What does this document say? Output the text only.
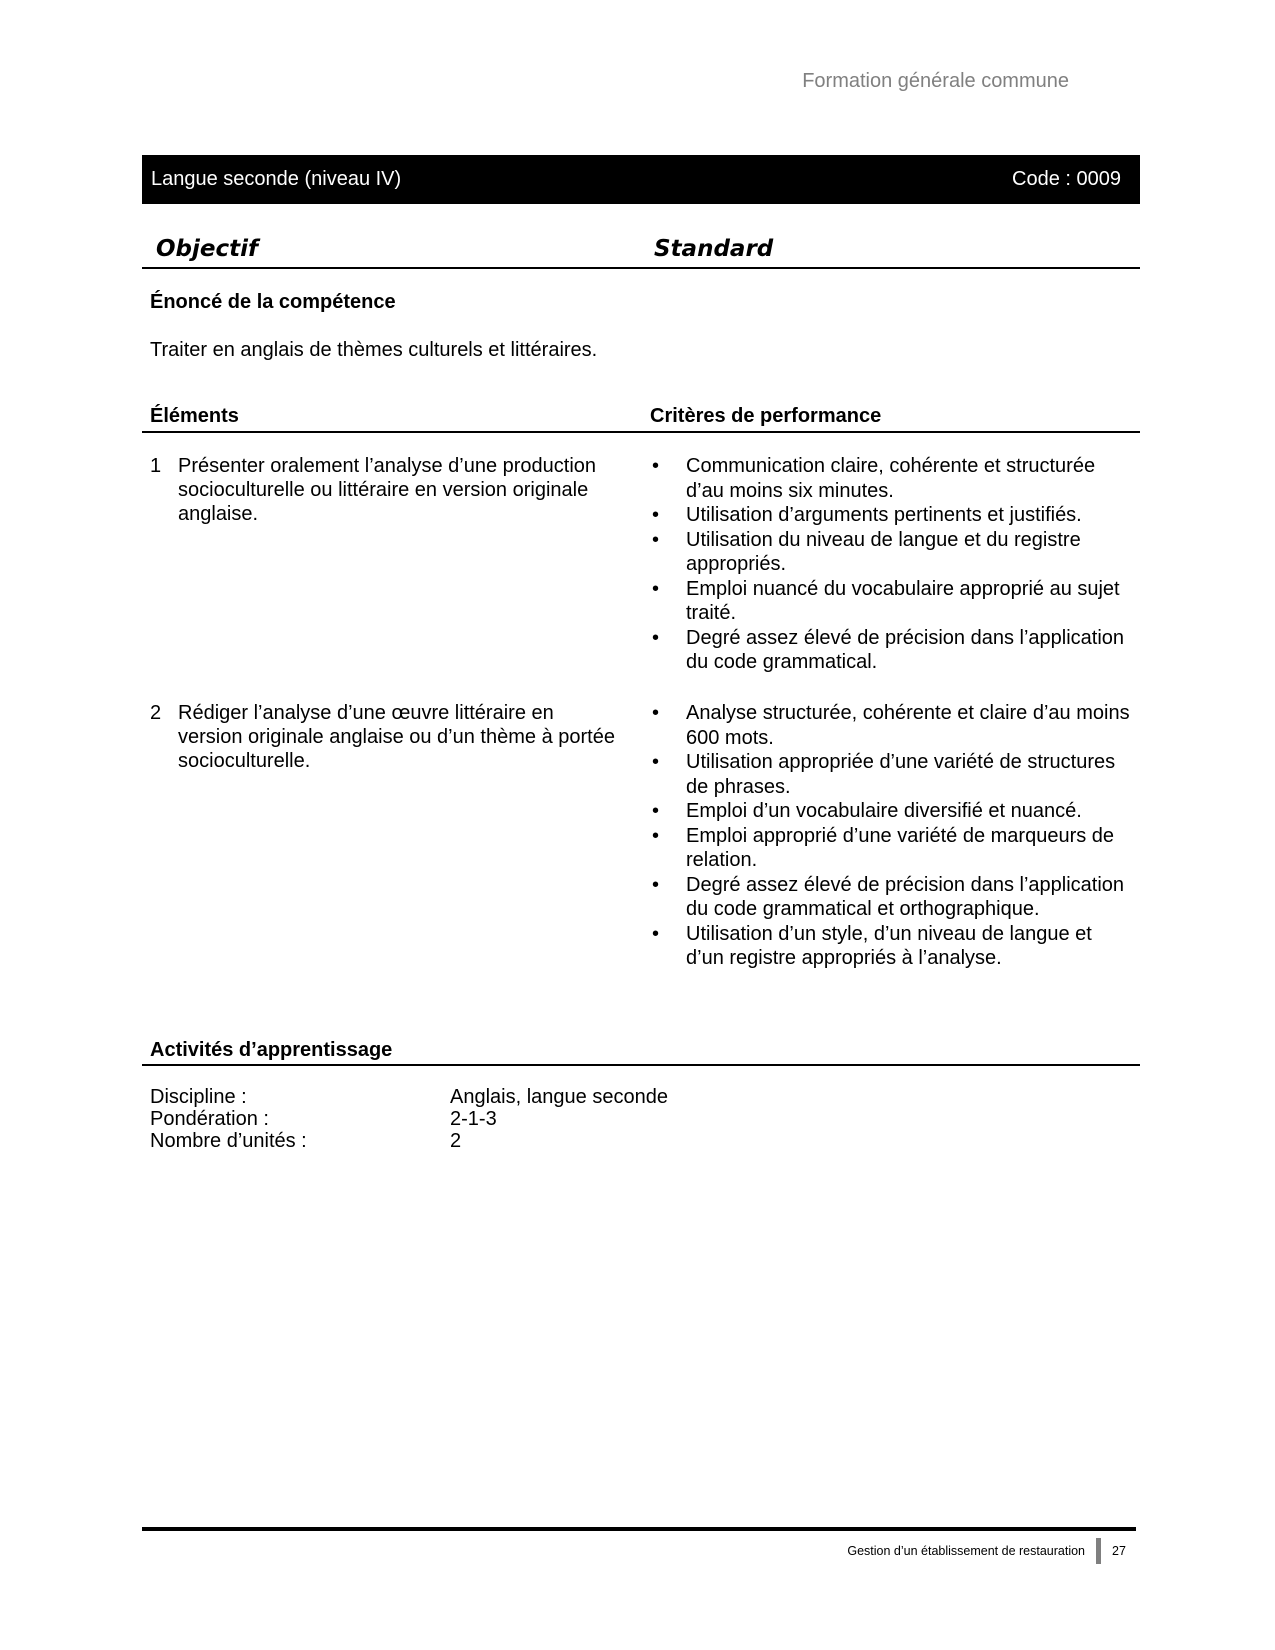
Formation générale commune
Langue seconde (niveau IV)	Code : 0009
Objectif	Standard
Énoncé de la compétence
Traiter en anglais de thèmes culturels et littéraires.
Éléments	Critères de performance
1 Présenter oralement l’analyse d’une production socioculturelle ou littéraire en version originale anglaise.
• Communication claire, cohérente et structurée d’au moins six minutes.
• Utilisation d’arguments pertinents et justifiés.
• Utilisation du niveau de langue et du registre appropriés.
• Emploi nuancé du vocabulaire approprié au sujet traité.
• Degré assez élevé de précision dans l’application du code grammatical.
2 Rédiger l’analyse d’une œuvre littéraire en version originale anglaise ou d’un thème à portée socioculturelle.
• Analyse structurée, cohérente et claire d’au moins 600 mots.
• Utilisation appropriée d’une variété de structures de phrases.
• Emploi d’un vocabulaire diversifié et nuancé.
• Emploi approprié d’une variété de marqueurs de relation.
• Degré assez élevé de précision dans l’application du code grammatical et orthographique.
• Utilisation d’un style, d’un niveau de langue et d’un registre appropriés à l’analyse.
Activités d’apprentissage
Discipline :	Anglais, langue seconde
Pondération :	2-1-3
Nombre d’unités :	2
Gestion d’un établissement de restauration 27
